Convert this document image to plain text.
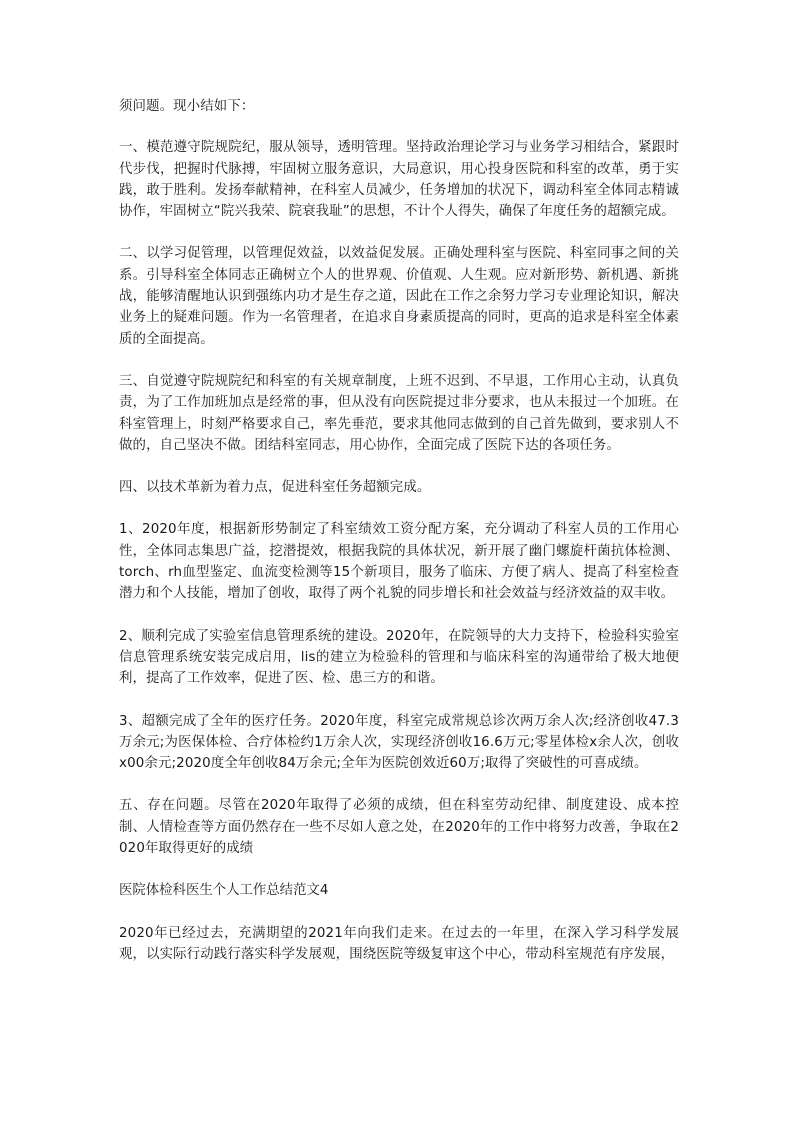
须问题。现小结如下：

一、模范遵守院规院纪，服从领导，透明管理。坚持政治理论学习与业务学习相结合，紧跟时代步伐，把握时代脉搏，牢固树立服务意识，大局意识，用心投身医院和科室的改革，勇于实践，敢于胜利。发扬奉献精神，在科室人员减少，任务增加的状况下，调动科室全体同志精诚协作，牢固树立“院兴我荣、院衰我耻”的思想，不计个人得失，确保了年度任务的超额完成。

二、以学习促管理，以管理促效益，以效益促发展。正确处理科室与医院、科室同事之间的关系。引导科室全体同志正确树立个人的世界观、价值观、人生观。应对新形势、新机遇、新挑战，能够清醒地认识到强练内功才是生存之道，因此在工作之余努力学习专业理论知识，解决业务上的疑难问题。作为一名管理者，在追求自身素质提高的同时，更高的追求是科室全体素质的全面提高。

三、自觉遵守院规院纪和科室的有关规章制度，上班不迟到、不早退，工作用心主动，认真负责，为了工作加班加点是经常的事，但从没有向医院提过非分要求，也从未报过一个加班。在科室管理上，时刻严格要求自己，率先垂范，要求其他同志做到的自己首先做到，要求别人不做的，自己坚决不做。团结科室同志，用心协作，全面完成了医院下达的各项任务。

四、以技术革新为着力点，促进科室任务超额完成。

1、2020年度，根据新形势制定了科室绩效工资分配方案，充分调动了科室人员的工作用心性，全体同志集思广益，挖潜提效，根据我院的具体状况，新开展了幽门螺旋杆菌抗体检测、torch、rh血型鉴定、血流变检测等15个新项目，服务了临床、方便了病人、提高了科室检查潜力和个人技能，增加了创收，取得了两个礼貌的同步增长和社会效益与经济效益的双丰收。

2、顺利完成了实验室信息管理系统的建设。2020年，在院领导的大力支持下，检验科实验室信息管理系统安装完成启用，lis的建立为检验科的管理和与临床科室的沟通带给了极大地便利，提高了工作效率，促进了医、检、患三方的和谐。

3、超额完成了全年的医疗任务。2020年度，科室完成常规总诊次两万余人次;经济创收47.3万余元;为医保体检、合疗体检约1万余人次，实现经济创收16.6万元;零星体检x余人次，创收x00余元;2020度全年创收84万余元;全年为医院创效近60万;取得了突破性的可喜成绩。

五、存在问题。尽管在2020年取得了必须的成绩，但在科室劳动纪律、制度建设、成本控制、人情检查等方面仍然存在一些不尽如人意之处，在2020年的工作中将努力改善，争取在2020年取得更好的成绩

医院体检科医生个人工作总结范文4

2020年已经过去，充满期望的2021年向我们走来。在过去的一年里，在深入学习科学发展观，以实际行动践行落实科学发展观，围绕医院等级复审这个中心，带动科室规范有序发展，
